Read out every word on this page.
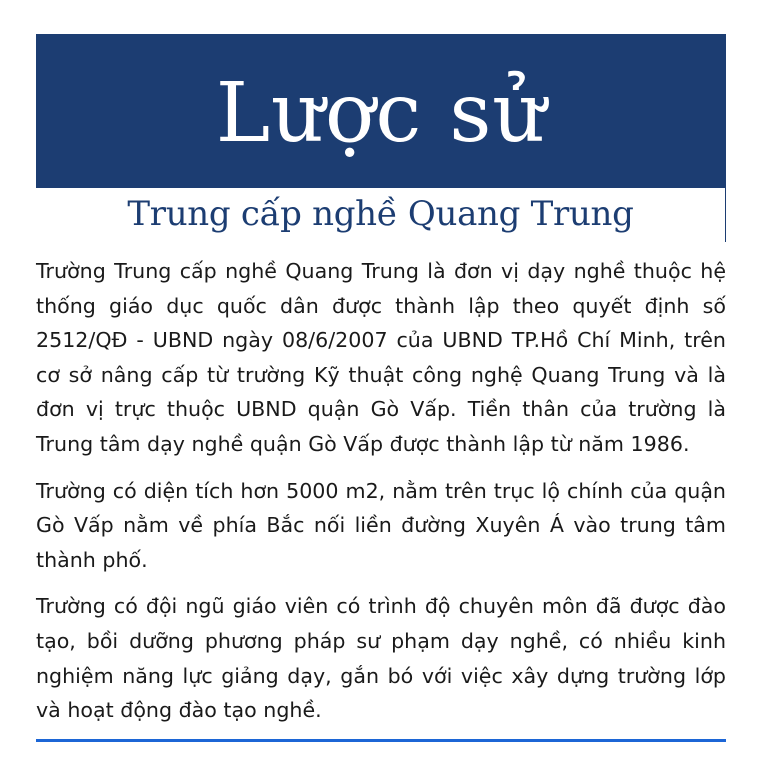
Lược sử
Trung cấp nghề Quang Trung

Trường Trung cấp nghề Quang Trung là đơn vị dạy nghề thuộc hệ thống giáo dục quốc dân được thành lập theo quyết định số 2512/QĐ - UBND ngày 08/6/2007 của UBND TP.Hồ Chí Minh, trên cơ sở nâng cấp từ trường Kỹ thuật công nghệ Quang Trung và là đơn vị trực thuộc UBND quận Gò Vấp. Tiền thân của trường là Trung tâm dạy nghề quận Gò Vấp được thành lập từ năm 1986.

Trường có diện tích hơn 5000 m2, nằm trên trục lộ chính của quận Gò Vấp nằm về phía Bắc nối liền đường Xuyên Á vào trung tâm thành phố.

Trường có đội ngũ giáo viên có trình độ chuyên môn đã được đào tạo, bồi dưỡng phương pháp sư phạm dạy nghề, có nhiều kinh nghiệm năng lực giảng dạy, gắn bó với việc xây dựng trường lớp và hoạt động đào tạo nghề.
